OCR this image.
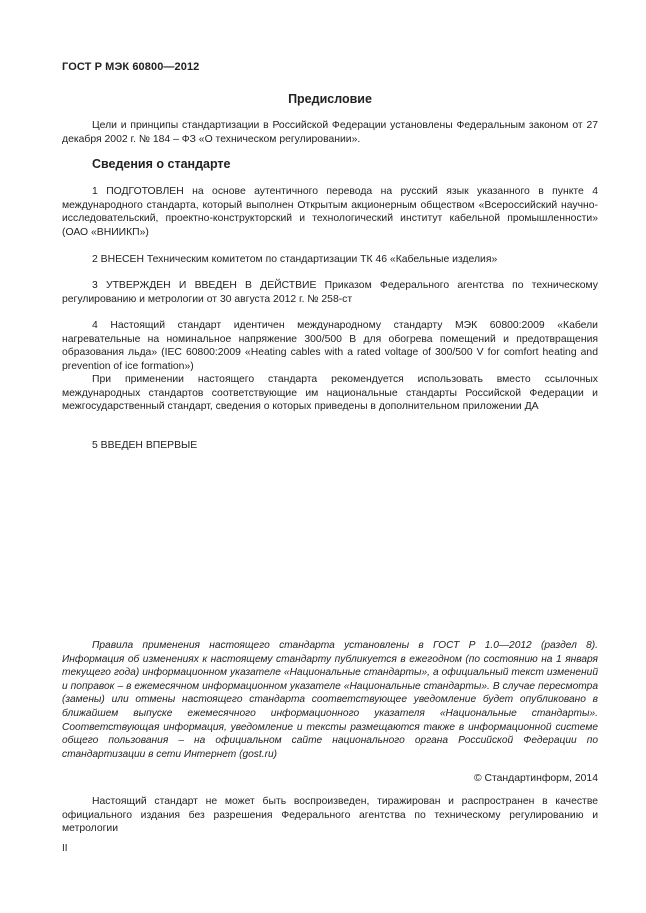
ГОСТ Р МЭК 60800—2012
Предисловие

Цели и принципы стандартизации в Российской Федерации установлены Федеральным законом от 27 декабря 2002 г. № 184 – ФЗ «О техническом регулировании».

Сведения о стандарте

1 ПОДГОТОВЛЕН на основе аутентичного перевода на русский язык указанного в пункте 4 международного стандарта, который выполнен Открытым акционерным обществом «Всероссийский научно-исследовательский, проектно-конструкторский и технологический институт кабельной промышленности» (ОАО «ВНИИКП»)

2 ВНЕСЕН Техническим комитетом по стандартизации ТК 46 «Кабельные изделия»

3 УТВЕРЖДЕН И ВВЕДЕН В ДЕЙСТВИЕ Приказом Федерального агентства по техническому регулированию и метрологии от 30 августа 2012 г. № 258-ст

4 Настоящий стандарт идентичен международному стандарту МЭК 60800:2009 «Кабели нагревательные на номинальное напряжение 300/500 В для обогрева помещений и предотвращения образования льда» (IEC 60800:2009 «Heating cables with a rated voltage of 300/500 V for comfort heating and prevention of ice formation»)

При применении настоящего стандарта рекомендуется использовать вместо ссылочных международных стандартов соответствующие им национальные стандарты Российской Федерации и межгосударственный стандарт, сведения о которых приведены в дополнительном приложении ДА

5 ВВЕДЕН ВПЕРВЫЕ

Правила применения настоящего стандарта установлены в ГОСТ Р 1.0—2012 (раздел 8). Информация об изменениях к настоящему стандарту публикуется в ежегодном (по состоянию на 1 января текущего года) информационном указателе «Национальные стандарты», а официальный текст изменений и поправок – в ежемесячном информационном указателе «Национальные стандарты». В случае пересмотра (замены) или отмены настоящего стандарта соответствующее уведомление будет опубликовано в ближайшем выпуске ежемесячного информационного указателя «Национальные стандарты». Соответствующая информация, уведомление и тексты размещаются также в информационной системе общего пользования – на официальном сайте национального органа Российской Федерации по стандартизации в сети Интернет (gost.ru)

© Стандартинформ, 2014

Настоящий стандарт не может быть воспроизведен, тиражирован и распространен в качестве официального издания без разрешения Федерального агентства по техническому регулированию и метрологии

II
